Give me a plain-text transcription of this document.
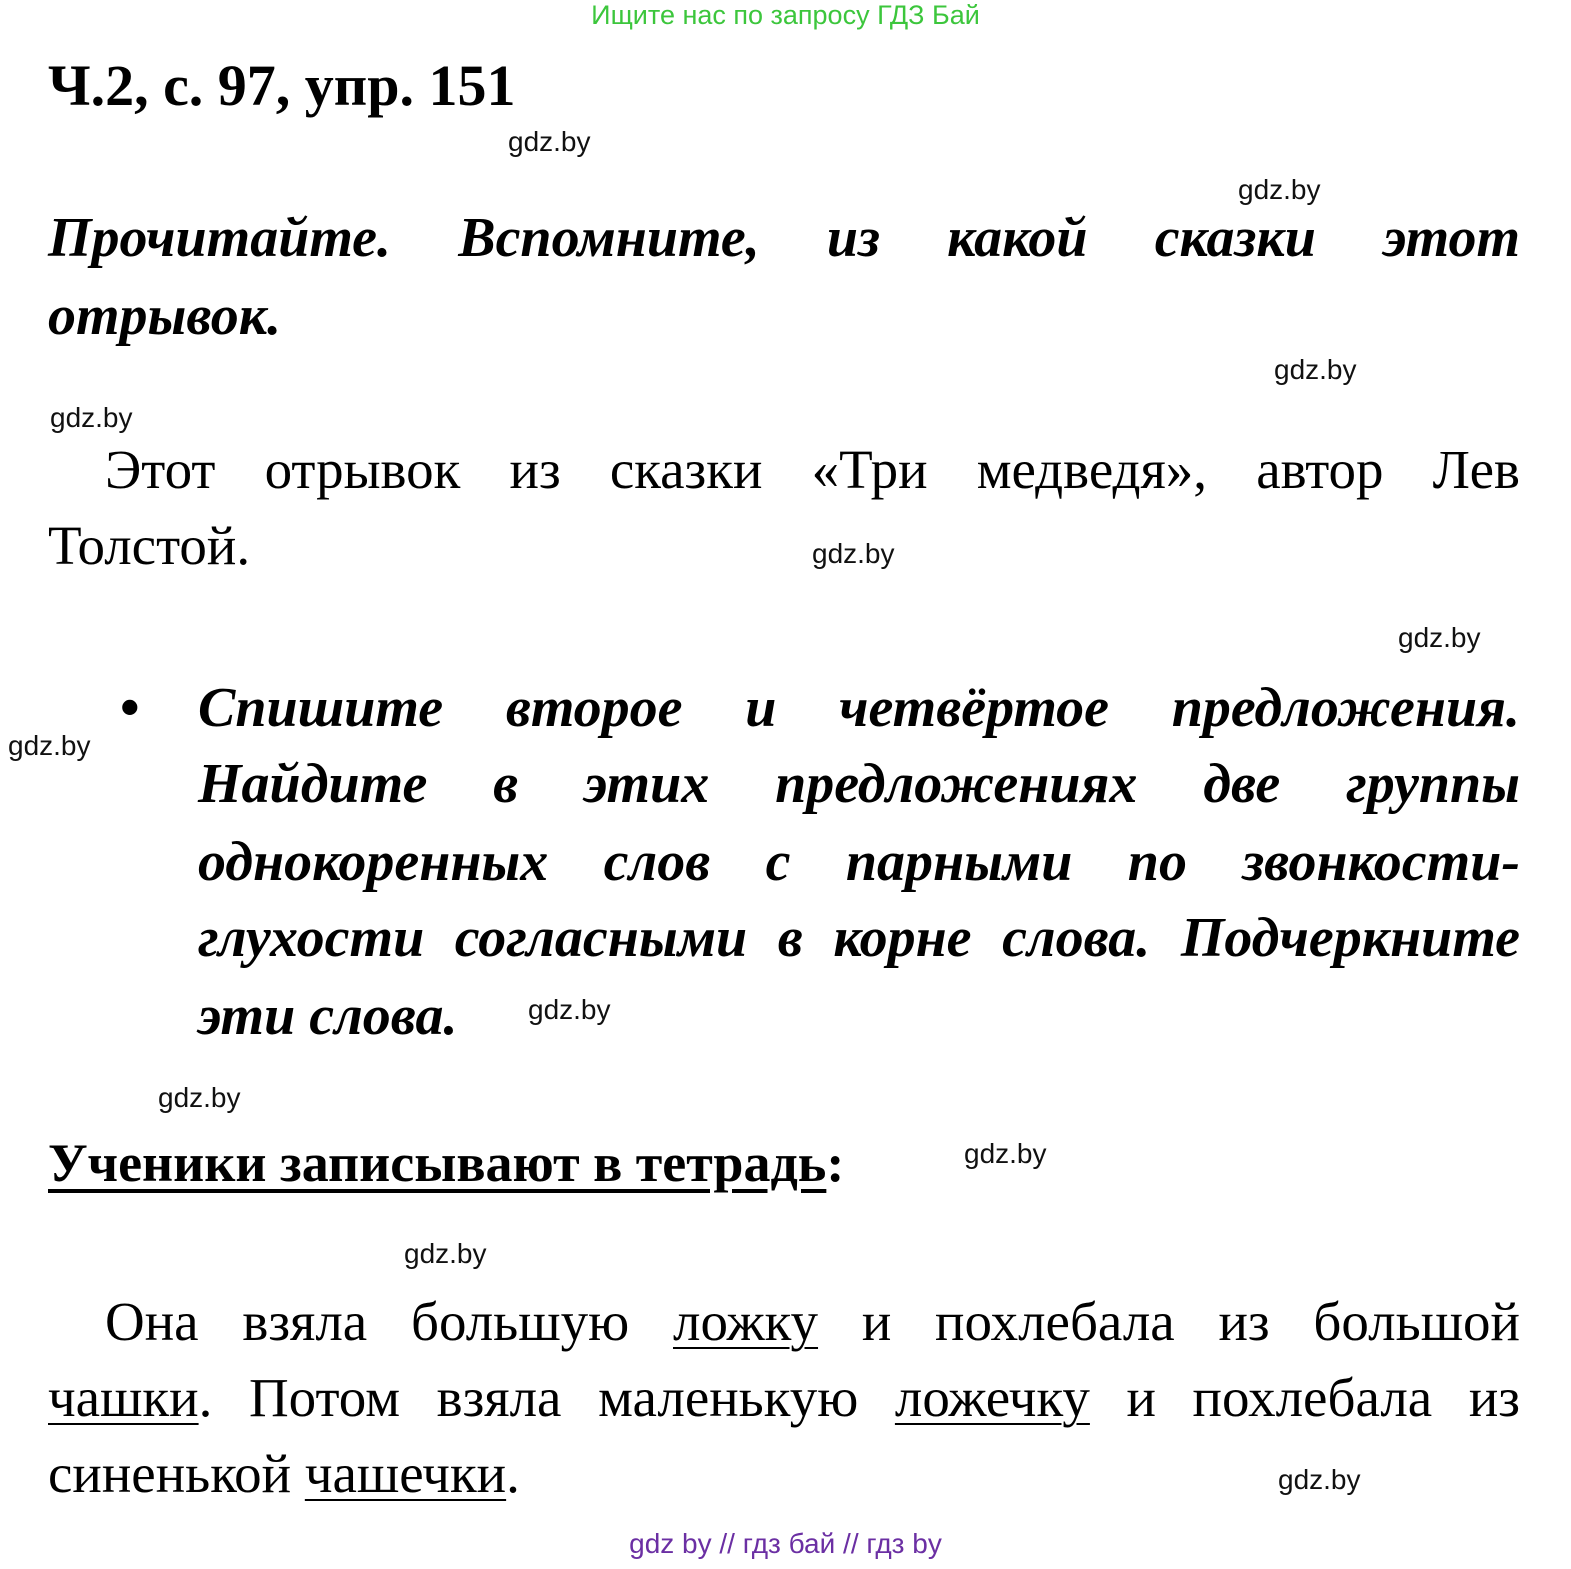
Ищите нас по запросу ГДЗ Бай
Ч.2, с. 97, упр. 151
gdz.by
gdz.by
Прочитайте. Вспомните, из какой сказки этот
отрывок.
gdz.by
gdz.by
Этот отрывок из сказки «Три медведя», автор Лев
Толстой.	gdz.by
gdz.by
gdz.by
• Спишите второе и четвёртое предложения.
Найдите в этих предложениях две группы
однокоренных слов с парными по звонкости-
глухости согласными в корне слова. Подчеркните
эти слова.	gdz.by
gdz.by
Ученики записывают в тетрадь:	gdz.by
gdz.by
Она взяла большую ложку и похлебала из большой
чашки. Потом взяла маленькую ложечку и похлебала из
синенькой чашечки.	gdz.by
gdz by // гдз бай // гдз by
